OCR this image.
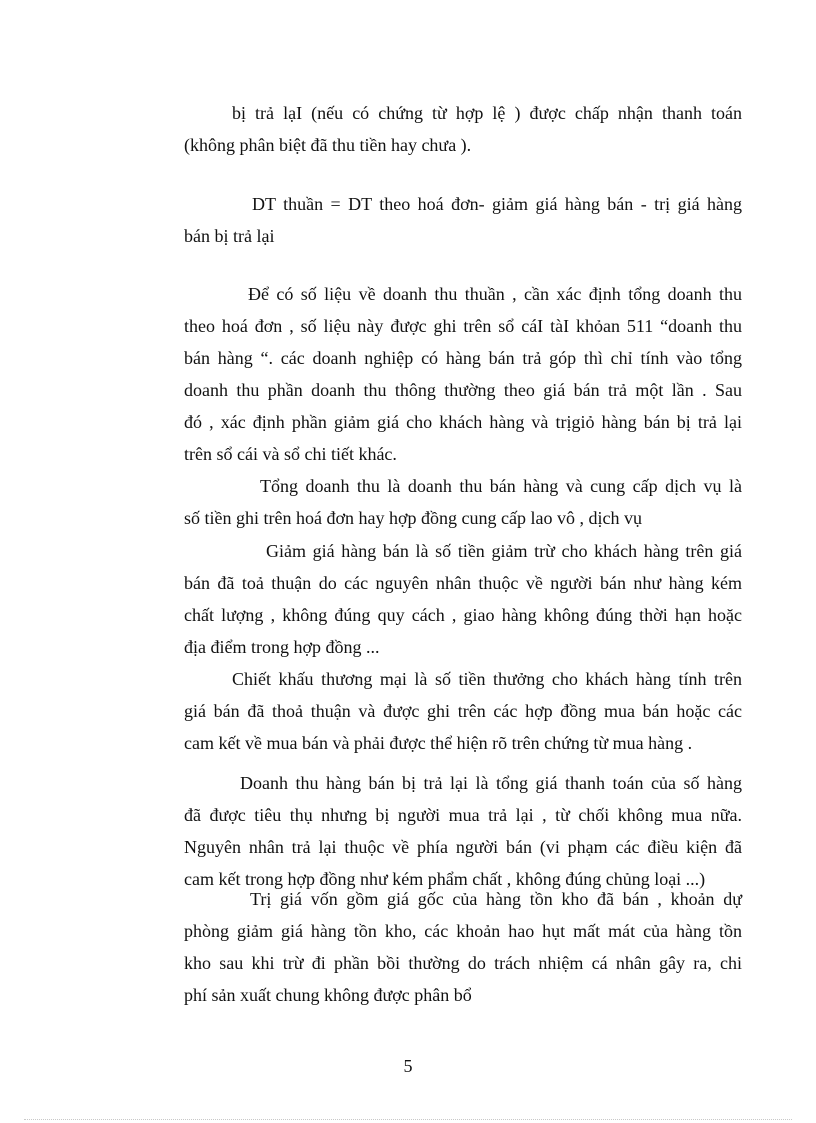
bị trả lạI (nếu có chứng từ hợp lệ ) được chấp nhận thanh toán
(không phân biệt đã thu tiền hay chưa ).

DT thuần = DT theo hoá đơn- giảm giá hàng bán - trị giá hàng
bán bị trả lại

Để có số liệu về doanh thu thuần , cần xác định tổng doanh thu
theo hoá đơn , số liệu này được ghi trên sổ cáI tàI khỏan 511 “doanh thu
bán hàng “. các doanh nghiệp có hàng bán trả góp thì chỉ tính vào tổng
doanh thu phần doanh thu thông thường theo giá bán trả một lần . Sau
đó , xác định phần giảm giá cho khách hàng và trịgiỏ hàng bán bị trả lại
trên sổ cái và sổ chi tiết khác.

Tổng doanh thu là doanh thu bán hàng và cung cấp dịch vụ là
số tiền ghi trên hoá đơn hay hợp đồng cung cấp lao vô , dịch vụ

Giảm giá hàng bán là số tiền giảm trừ cho khách hàng trên giá
bán đã toả thuận do các nguyên nhân thuộc về người bán như hàng kém
chất lượng , không đúng quy cách , giao hàng không đúng thời hạn hoặc
địa điểm trong hợp đồng ...

Chiết khấu thương mại là số tiền thưởng cho khách hàng tính trên
giá bán đã thoả thuận và được ghi trên các hợp đồng mua bán hoặc các
cam kết về mua bán và phải được thể hiện rõ trên chứng từ mua hàng .

Doanh thu hàng bán bị trả lại là tổng giá thanh toán của số hàng
đã được tiêu thụ nhưng bị người mua trả lại , từ chối không mua nữa.
Nguyên nhân trả lại thuộc về phía người bán (vi phạm các điều kiện đã
cam kết trong hợp đồng như kém phẩm chất , không đúng chủng loại ...)

Trị giá vốn gồm giá gốc của hàng tồn kho đã bán , khoản dự
phòng giảm giá hàng tồn kho, các khoản hao hụt mất mát của hàng tồn
kho sau khi trừ đi phần bồi thường do trách nhiệm cá nhân gây ra, chi
phí sản xuất chung không được phân bổ

5
